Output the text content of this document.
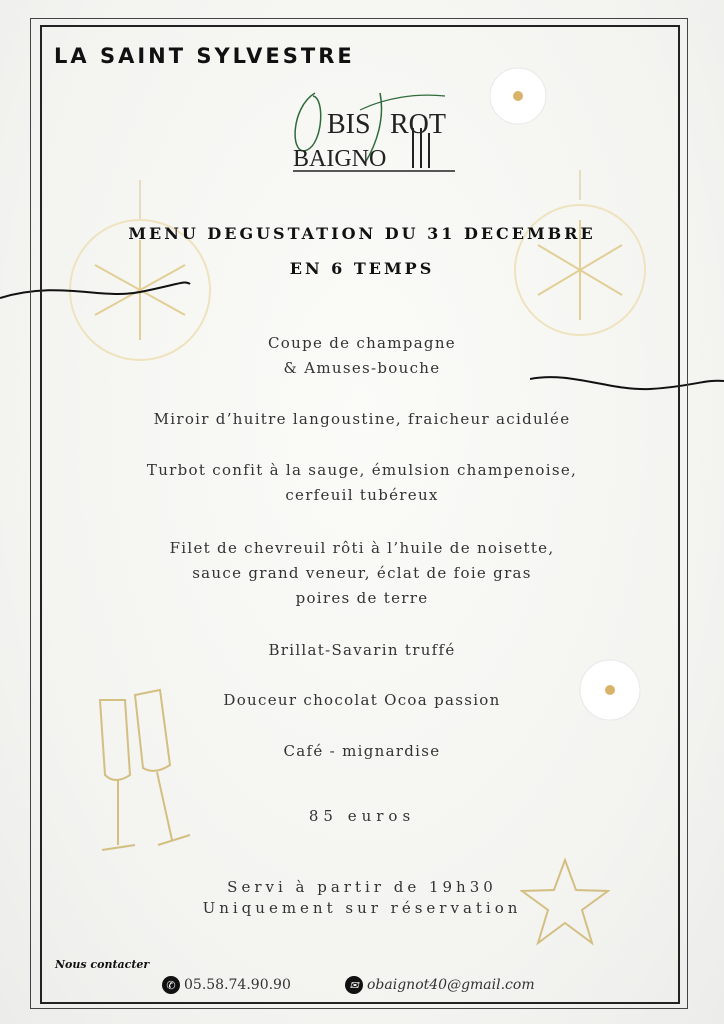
LA SAINT SYLVESTRE
BIS ROT
BAIGNO
MENU DEGUSTATION DU 31 DECEMBRE
EN 6 TEMPS
Coupe de champagne
& Amuses-bouche
Miroir d’huitre langoustine, fraicheur acidulée
Turbot confit à la sauge, émulsion champenoise,
cerfeuil tubéreux
Filet de chevreuil rôti à l’huile de noisette,
sauce grand veneur, éclat de foie gras
poires de terre
Brillat-Savarin truffé
Douceur chocolat Ocoa passion
Café - mignardise
85 euros
Servi à partir de 19h30
Uniquement sur réservation
Nous contacter
✆ 05.58.74.90.90	✉ obaignot40@gmail.com
